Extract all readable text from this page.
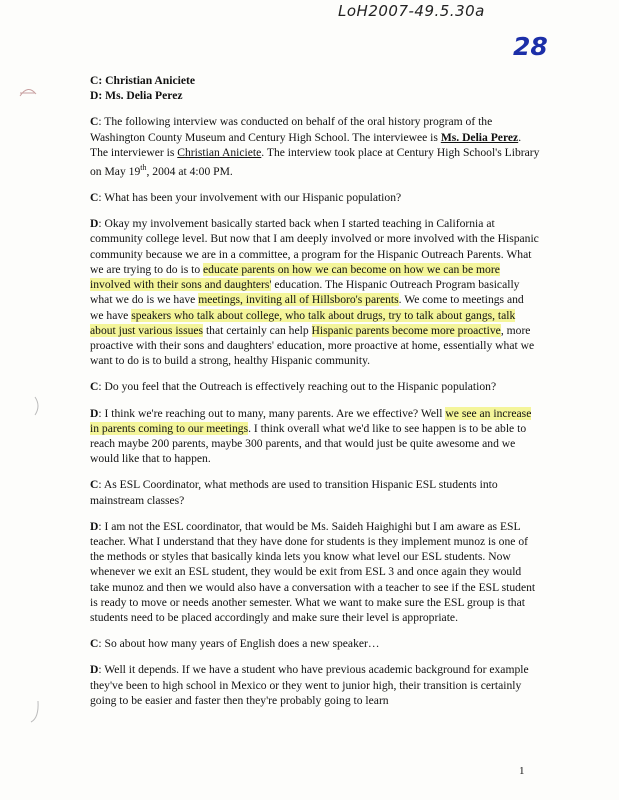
LoH2007-49.5.30a
28
C: Christian Aniciete
D: Ms. Delia Perez

C: The following interview was conducted on behalf of the oral history program of the Washington County Museum and Century High School. The interviewee is Ms. Delia Perez. The interviewer is Christian Aniciete. The interview took place at Century High School's Library on May 19th, 2004 at 4:00 PM.

C: What has been your involvement with our Hispanic population?

D: Okay my involvement basically started back when I started teaching in California at community college level. But now that I am deeply involved or more involved with the Hispanic community because we are in a committee, a program for the Hispanic Outreach Parents. What we are trying to do is to educate parents on how we can become on how we can be more involved with their sons and daughters' education. The Hispanic Outreach Program basically what we do is we have meetings, inviting all of Hillsboro's parents. We come to meetings and we have speakers who talk about college, who talk about drugs, try to talk about gangs, talk about just various issues that certainly can help Hispanic parents become more proactive, more proactive with their sons and daughters' education, more proactive at home, essentially what we want to do is to build a strong, healthy Hispanic community.

C: Do you feel that the Outreach is effectively reaching out to the Hispanic population?

D: I think we're reaching out to many, many parents. Are we effective? Well we see an increase in parents coming to our meetings. I think overall what we'd like to see happen is to be able to reach maybe 200 parents, maybe 300 parents, and that would just be quite awesome and we would like that to happen.

C: As ESL Coordinator, what methods are used to transition Hispanic ESL students into mainstream classes?

D: I am not the ESL coordinator, that would be Ms. Saideh Haighighi but I am aware as ESL teacher. What I understand that they have done for students is they implement munoz is one of the methods or styles that basically kinda lets you know what level our ESL students. Now whenever we exit an ESL student, they would be exit from ESL 3 and once again they would take munoz and then we would also have a conversation with a teacher to see if the ESL student is ready to move or needs another semester. What we want to make sure the ESL group is that students need to be placed accordingly and make sure their level is appropriate.

C: So about how many years of English does a new speaker…

D: Well it depends. If we have a student who have previous academic background for example they've been to high school in Mexico or they went to junior high, their transition is certainly going to be easier and faster then they're probably going to learn

1
